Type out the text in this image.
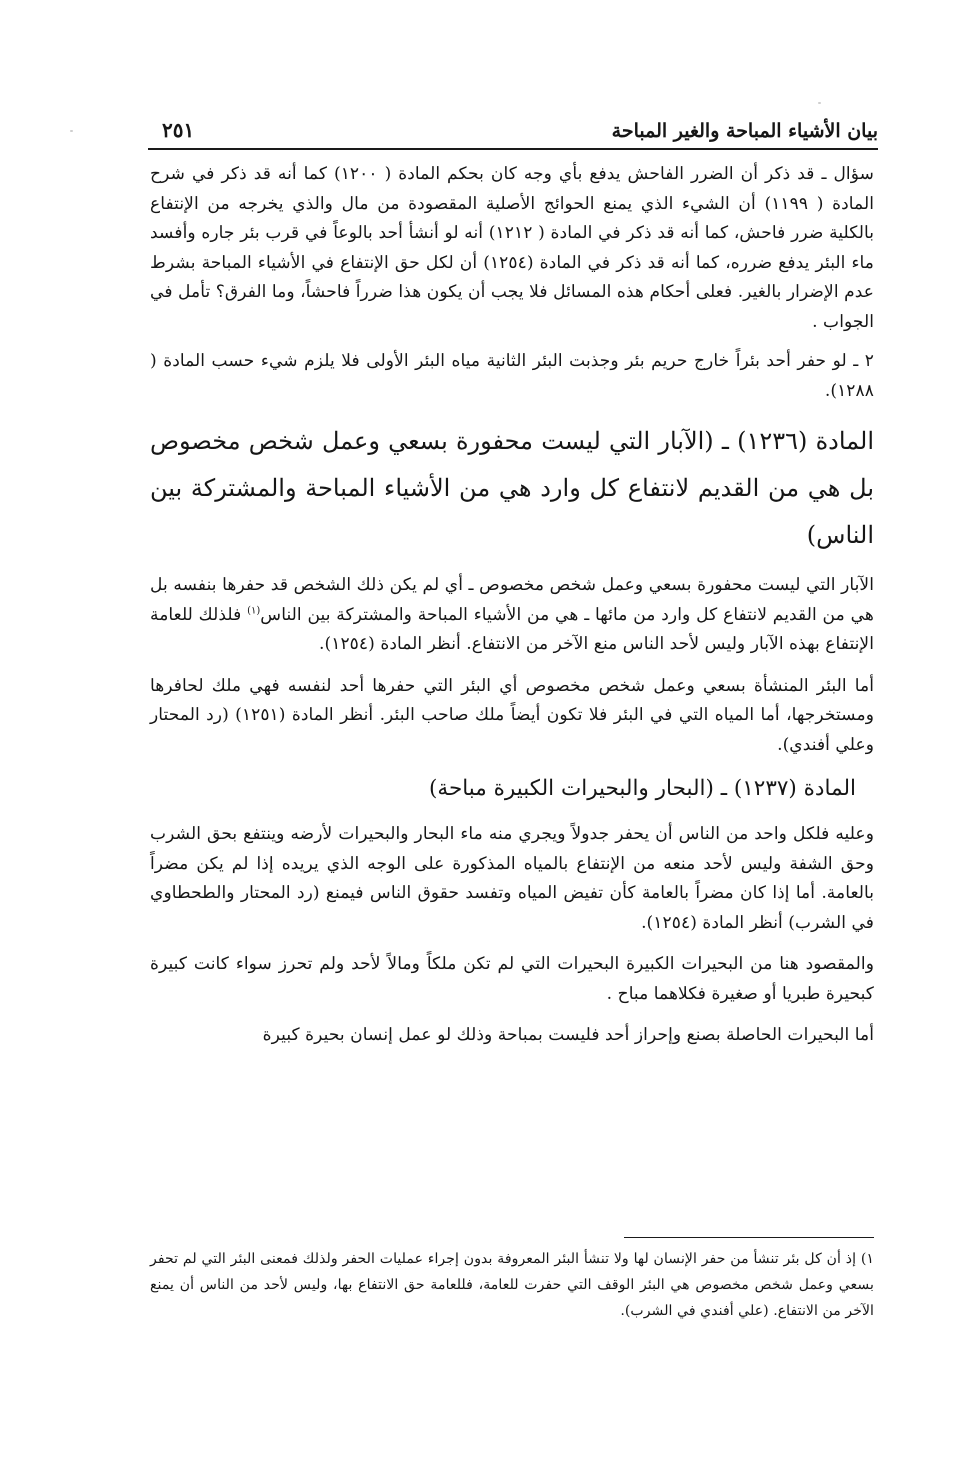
بيان الأشياء المباحة والغير المباحة
٢٥١

سؤال ـ قد ذكر أن الضرر الفاحش يدفع بأي وجه كان بحكم المادة ( ١٢٠٠) كما أنه قد ذكر في شرح المادة ( ١١٩٩) أن الشيء الذي يمنع الحوائج الأصلية المقصودة من مال والذي يخرجه من الإنتفاع بالكلية ضرر فاحش، كما أنه قد ذكر في المادة ( ١٢١٢) أنه لو أنشأ أحد بالوعاً في قرب بئر جاره وأفسد ماء البئر يدفع ضرره، كما أنه قد ذكر في المادة (١٢٥٤) أن لكل حق الإنتفاع في الأشياء المباحة بشرط عدم الإضرار بالغير. فعلى أحكام هذه المسائل فلا يجب أن يكون هذا ضرراً فاحشاً، وما الفرق؟ تأمل في الجواب .

٢ ـ لو حفر أحد بئراً خارج حريم بئر وجذبت البئر الثانية مياه البئر الأولى فلا يلزم شيء حسب المادة ( ١٢٨٨).

المادة (١٢٣٦) ـ (الآبار التي ليست محفورة بسعي وعمل شخص مخصوص بل هي من القديم لانتفاع كل وارد هي من الأشياء المباحة والمشتركة بين الناس)

الآبار التي ليست محفورة بسعي وعمل شخص مخصوص ـ أي لم يكن ذلك الشخص قد حفرها بنفسه بل هي من القديم لانتفاع كل وارد من مائها ـ هي من الأشياء المباحة والمشتركة بين الناس$^{(١)}$ فلذلك للعامة الإنتفاع بهذه الآبار وليس لأحد الناس منع الآخر من الانتفاع. أنظر المادة (١٢٥٤).

أما البئر المنشأة بسعي وعمل شخص مخصوص أي البئر التي حفرها أحد لنفسه فهي ملك لحافرها ومستخرجها، أما المياه التي في البئر فلا تكون أيضاً ملك صاحب البئر. أنظر المادة (١٢٥١) (رد المحتار وعلي أفندي).

المادة (١٢٣٧) ـ (البحار والبحيرات الكبيرة مباحة)

وعليه فلكل واحد من الناس أن يحفر جدولاً ويجري منه ماء البحار والبحيرات لأرضه وينتفع بحق الشرب وحق الشفة وليس لأحد منعه من الإنتفاع بالمياه المذكورة على الوجه الذي يريده إذا لم يكن مضراً بالعامة. أما إذا كان مضراً بالعامة كأن تفيض المياه وتفسد حقوق الناس فيمنع (رد المحتار والطحطاوي في الشرب) أنظر المادة (١٢٥٤).

والمقصود هنا من البحيرات الكبيرة البحيرات التي لم تكن ملكاً ومالاً لأحد ولم تحرز سواء كانت كبيرة كبحيرة طبريا أو صغيرة فكلاهما مباح .

أما البحيرات الحاصلة بصنع وإحراز أحد فليست بمباحة وذلك لو عمل إنسان بحيرة كبيرة

١) إذ أن كل بئر تنشأ من حفر الإنسان لها ولا تنشأ البئر المعروفة بدون إجراء عمليات الحفر ولذلك فمعنى البئر التي لم تحفر بسعي وعمل شخص مخصوص هي البئر الوقف التي حفرت للعامة، فللعامة حق الانتفاع بها، وليس لأحد من الناس أن يمنع الآخر من الانتفاع. (علي أفندي في الشرب).
